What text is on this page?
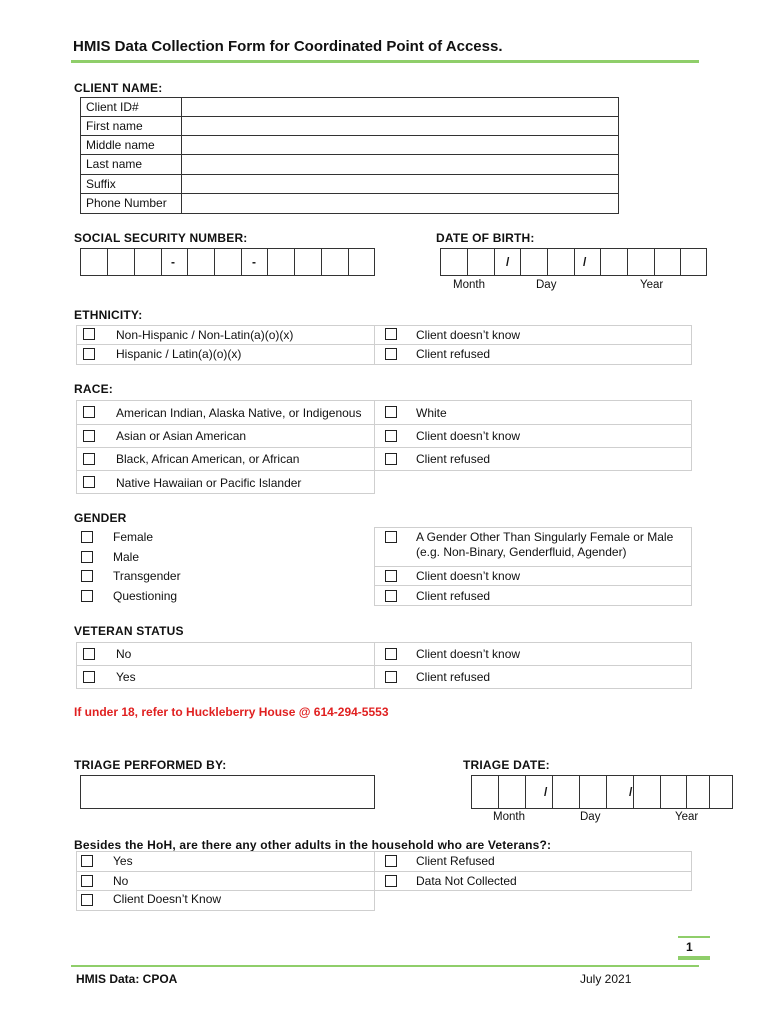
HMIS Data Collection Form for Coordinated Point of Access.
CLIENT NAME:
Client ID#
First name
Middle name
Last name
Suffix
Phone Number
SOCIAL SECURITY NUMBER:
-	-
DATE OF BIRTH:
/	/
Month	Day	Year
ETHNICITY:
Non-Hispanic / Non-Latin(a)(o)(x)
Hispanic / Latin(a)(o)(x)
Client doesn’t know
Client refused
RACE:
American Indian, Alaska Native, or Indigenous
Asian or Asian American
Black, African American, or African
Native Hawaiian or Pacific Islander
White
Client doesn’t know
Client refused
GENDER
Female
Male
Transgender
Questioning
A Gender Other Than Singularly Female or Male
(e.g. Non-Binary, Genderfluid, Agender)
Client doesn’t know
Client refused
VETERAN STATUS
No
Yes
Client doesn’t know
Client refused
If under 18, refer to Huckleberry House @ 614-294-5553
TRIAGE PERFORMED BY:	TRIAGE DATE:
/	/
Month	Day	Year
Besides the HoH, are there any other adults in the household who are Veterans?:
Yes
No
Client Doesn’t Know
Client Refused
Data Not Collected
1
HMIS Data: CPOA	July 2021
